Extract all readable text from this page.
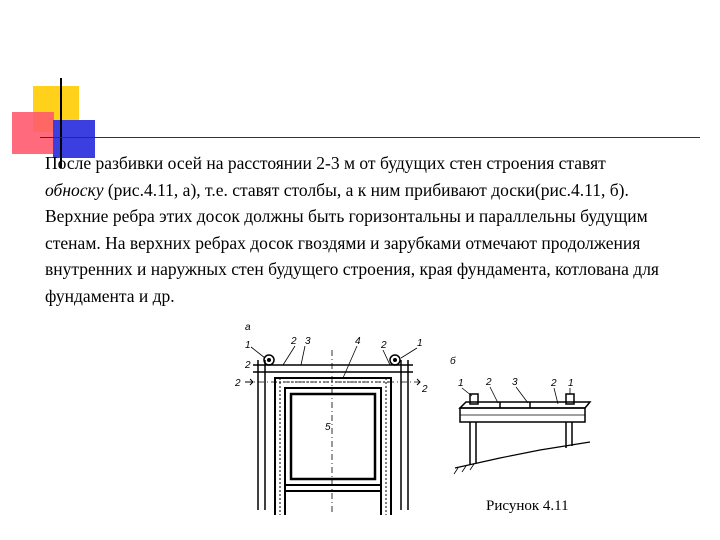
После разбивки осей на расстоянии 2-3 м от будущих стен строения ставят обноску (рис.4.11, а), т.е. ставят столбы, а к ним прибивают доски(рис.4.11, б). Верхние ребра этих досок должны быть горизонтальны и параллельны будущим стенам. На верхних ребрах досок гвоздями и зарубками отмечают продолжения внутренних и наружных стен будущего строения, края фундамента, котлована для фундамента и др.

а
1	2 3	4 2	1
2
2
5
2	б
1 2 3	2 1
Рисунок 4.11
